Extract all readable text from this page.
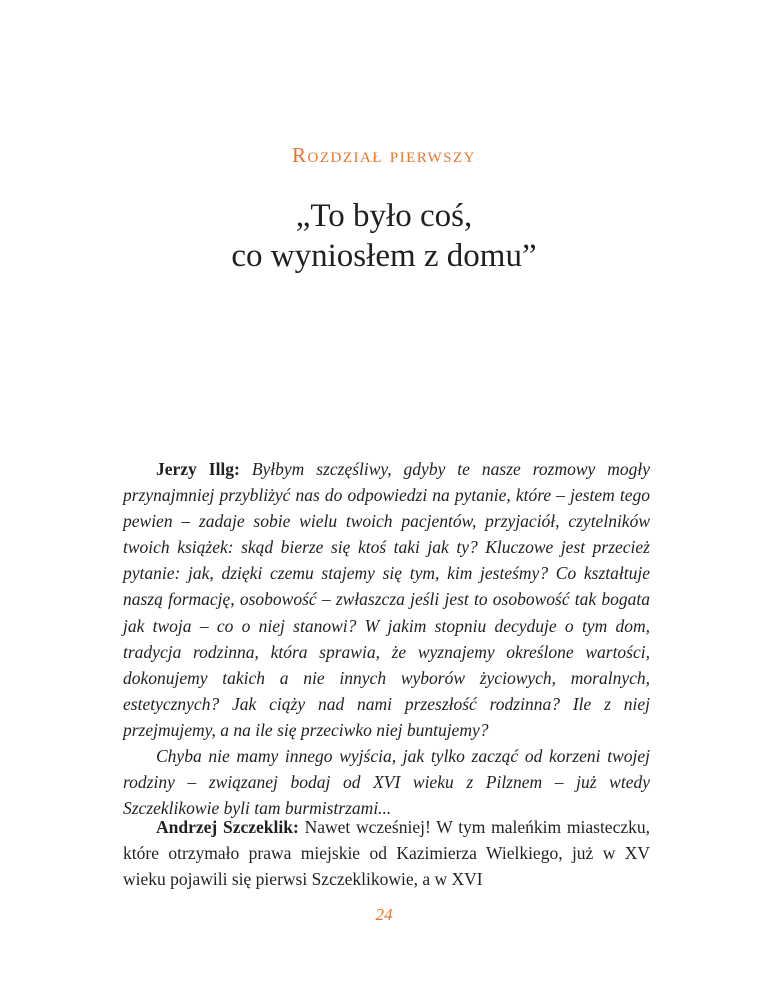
Rozdział pierwszy
„To było coś,
co wyniosłem z domu”

Jerzy Illg: Byłbym szczęśliwy, gdyby te nasze rozmowy mogły przynajmniej przybliżyć nas do odpowiedzi na pytanie, które – jestem tego pewien – zadaje sobie wielu twoich pacjentów, przyjaciół, czytelników twoich książek: skąd bierze się ktoś taki jak ty? Kluczowe jest przecież pytanie: jak, dzięki czemu stajemy się tym, kim jesteśmy? Co kształtuje naszą formację, osobowość – zwłaszcza jeśli jest to osobowość tak bogata jak twoja – co o niej stanowi? W jakim stopniu decyduje o tym dom, tradycja rodzinna, która sprawia, że wyznajemy określone wartości, dokonujemy takich a nie innych wyborów życiowych, moralnych, estetycznych? Jak ciąży nad nami przeszłość rodzinna? Ile z niej przejmujemy, a na ile się przeciwko niej buntujemy?

Chyba nie mamy innego wyjścia, jak tylko zacząć od korzeni twojej rodziny – związanej bodaj od XVI wieku z Pilznem – już wtedy Szczeklikowie byli tam burmistrzami...

Andrzej Szczeklik: Nawet wcześniej! W tym maleńkim miasteczku, które otrzymało prawa miejskie od Kazimierza Wielkiego, już w XV wieku pojawili się pierwsi Szczeklikowie, a w XVI

24
